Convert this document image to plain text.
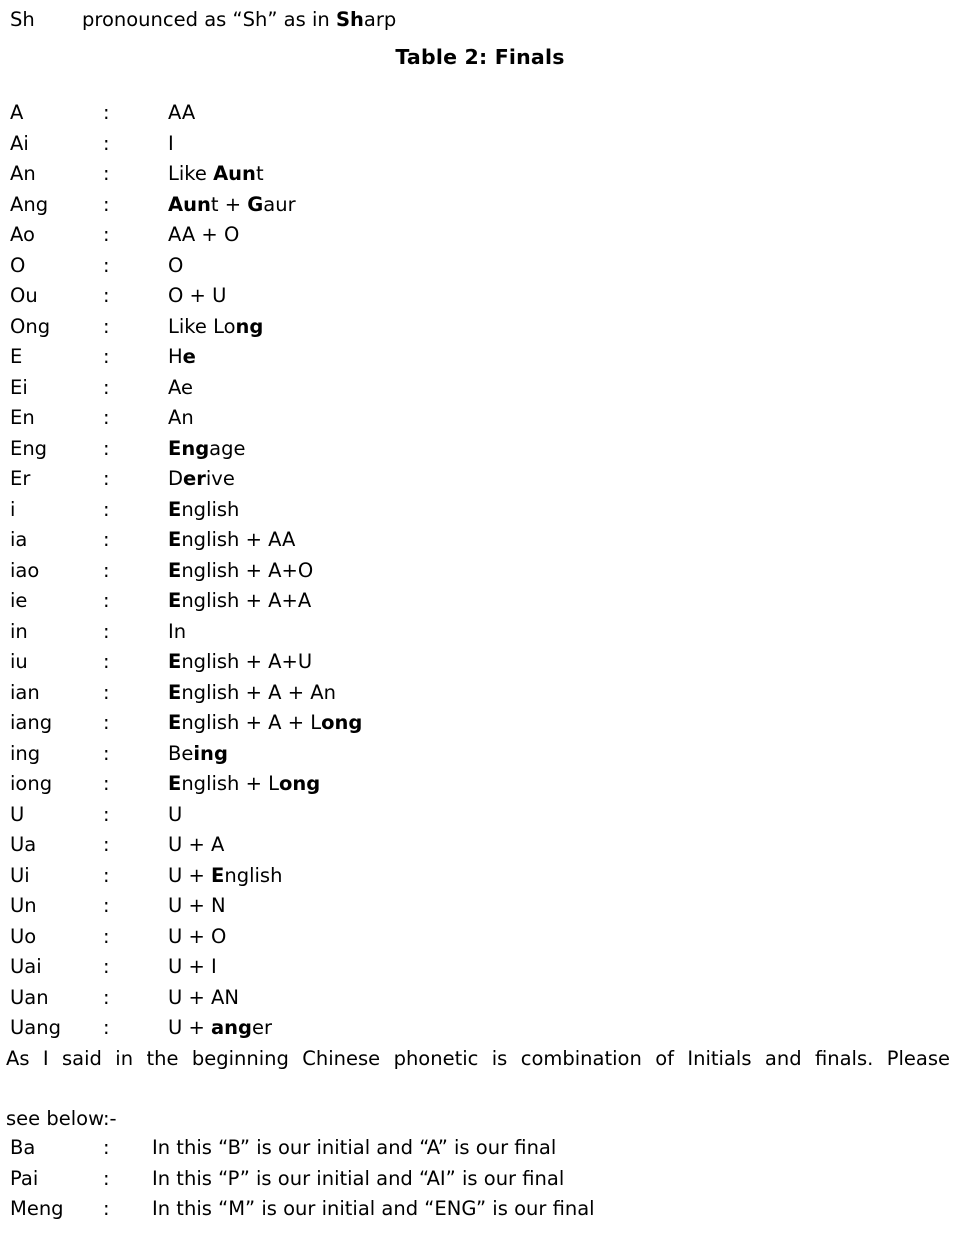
Sh pronounced as “Sh” as in Sharp
Table 2: Finals
A	:	AA
Ai	:	I
An	:	Like Aunt
Ang	:	Aunt + Gaur
Ao	:	AA + O
O	:	O
Ou	:	O + U
Ong	:	Like Long
E	:	He
Ei	:	Ae
En	:	An
Eng	:	Engage
Er	:	Derive
i	:	English
ia	:	English + AA
iao	:	English + A+O
ie	:	English + A+A
in	:	In
iu	:	English + A+U
ian	:	English + A + An
iang	:	English + A + Long
ing	:	Being
iong	:	English + Long
U	:	U
Ua	:	U + A
Ui	:	U + English
Un	:	U + N
Uo	:	U + O
Uai	:	U + I
Uan	:	U + AN
Uang :	U + anger
As I said in the beginning Chinese phonetic is combination of Initials and finals. Please
see below:-
Ba	: In this “B” is our initial and “A” is our final
Pai	: In this “P” is our initial and “AI” is our final
Meng : In this “M” is our initial and “ENG” is our final
